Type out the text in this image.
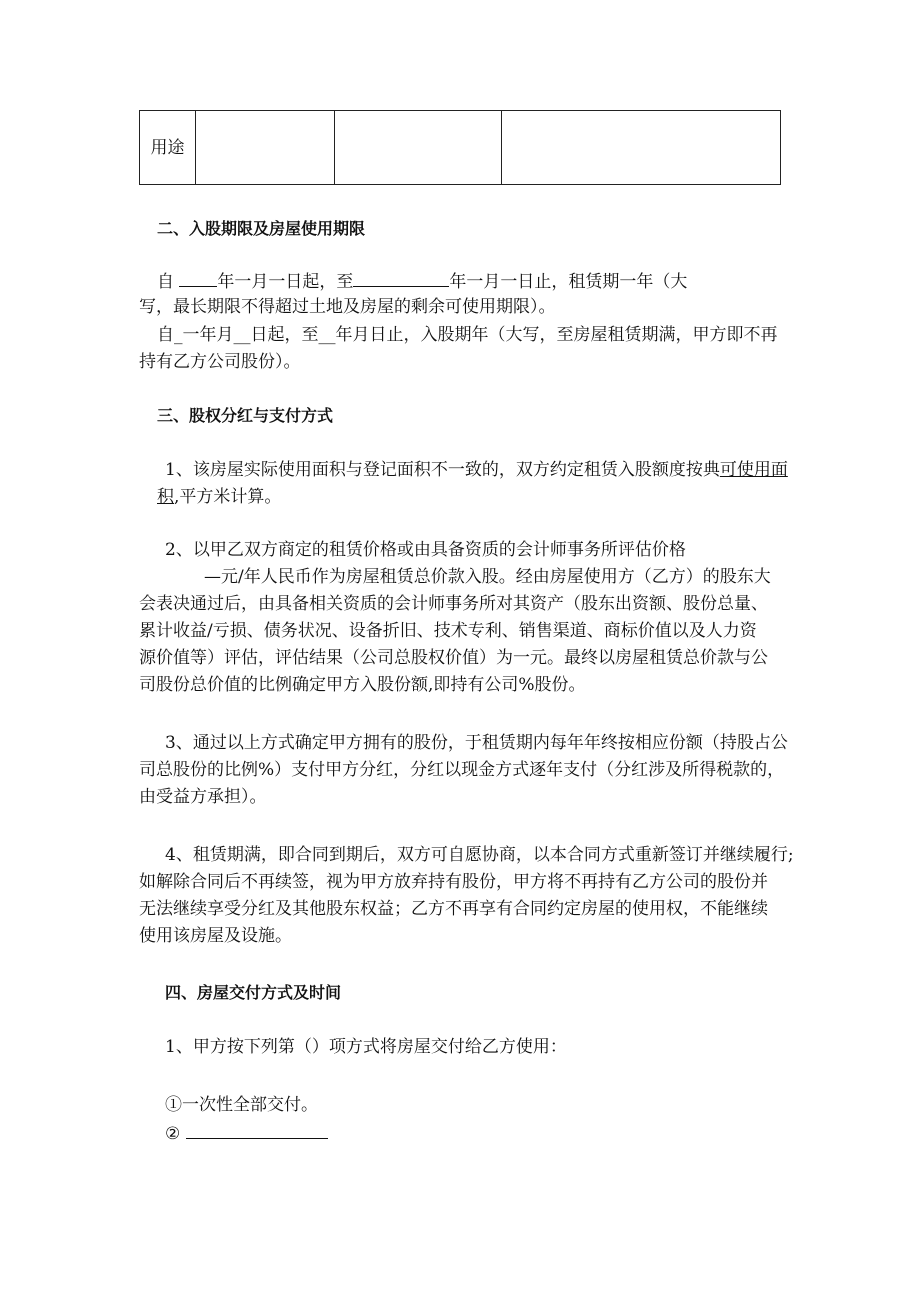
用途			
二、入股期限及房屋使用期限
自	年一月一日起，至	年一月一日止，租赁期一年（大
写，最长期限不得超过土地及房屋的剩余可使用期限）。
自_一年月__日起，至__年月日止，入股期年（大写，至房屋租赁期满，甲方即不再
持有乙方公司股份）。
三、股权分红与支付方式
1、该房屋实际使用面积与登记面积不一致的，双方约定租赁入股额度按典可使用面
积,平方米计算。
2、以甲乙双方商定的租赁价格或由具备资质的会计师事务所评估价格
—元/年人民币作为房屋租赁总价款入股。经由房屋使用方（乙方）的股东大
会表决通过后，由具备相关资质的会计师事务所对其资产（股东出资额、股份总量、
累计收益/亏损、债务状况、设备折旧、技术专利、销售渠道、商标价值以及人力资
源价值等）评估，评估结果（公司总股权价值）为一元。最终以房屋租赁总价款与公
司股份总价值的比例确定甲方入股份额,即持有公司%股份。
3、通过以上方式确定甲方拥有的股份，于租赁期内每年年终按相应份额（持股占公
司总股份的比例%）支付甲方分红，分红以现金方式逐年支付（分红涉及所得税款的，
由受益方承担）。
4、租赁期满，即合同到期后，双方可自愿协商，以本合同方式重新签订并继续履行;
如解除合同后不再续签，视为甲方放弃持有股份，甲方将不再持有乙方公司的股份并
无法继续享受分红及其他股东权益；乙方不再享有合同约定房屋的使用权，不能继续
使用该房屋及设施。
四、房屋交付方式及时间
1、甲方按下列第（）项方式将房屋交付给乙方使用：
①一次性全部交付。
②
